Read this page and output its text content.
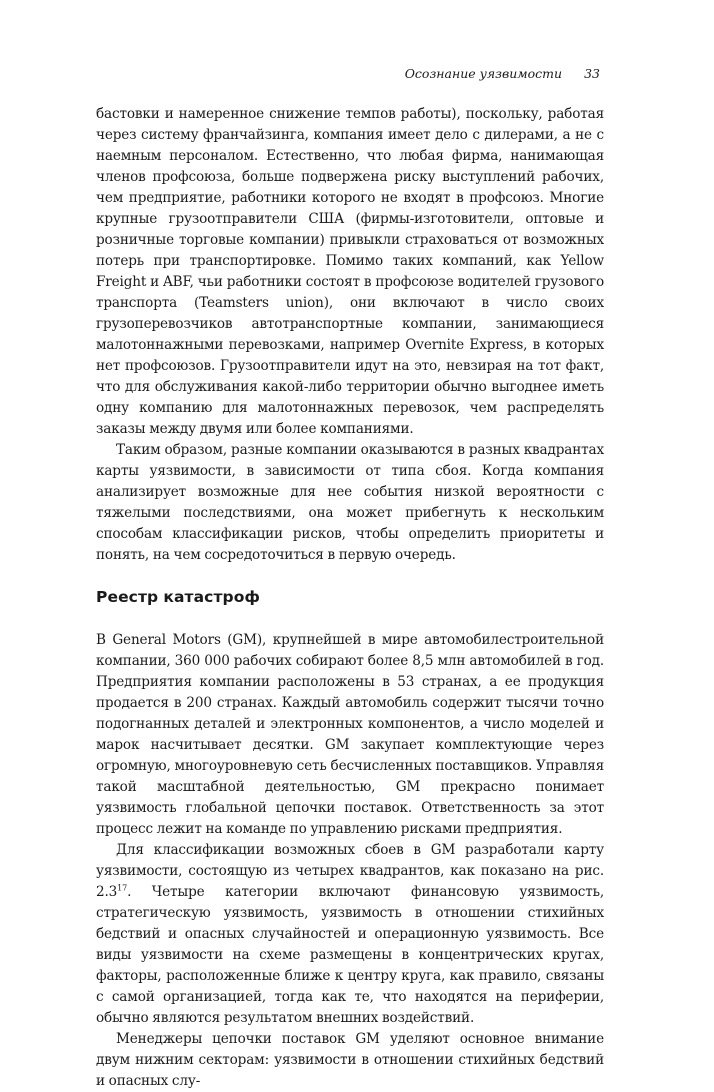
Осознание уязвимости 33

бастовки и намеренное снижение темпов работы), поскольку, работая через систему франчайзинга, компания имеет дело с дилерами, а не с наемным персоналом. Естественно, что любая фирма, нанимающая членов профсоюза, больше подвержена риску выступлений рабочих, чем предприятие, работники которого не входят в профсоюз. Многие крупные грузоотправители США (фирмы-изготовители, оптовые и розничные торговые компании) привыкли страховаться от возможных потерь при транспортировке. Помимо таких компаний, как Yellow Freight и ABF, чьи работники состоят в профсоюзе водителей грузового транспорта (Teamsters union), они включают в число своих грузоперевозчиков автотранспортные компании, занимающиеся малотоннажными перевозками, например Overnite Express, в которых нет профсоюзов. Грузоотправители идут на это, невзирая на тот факт, что для обслуживания какой-либо территории обычно выгоднее иметь одну компанию для малотоннажных перевозок, чем распределять заказы между двумя или более компаниями.

Таким образом, разные компании оказываются в разных квадрантах карты уязвимости, в зависимости от типа сбоя. Когда компания анализирует возможные для нее события низкой вероятности с тяжелыми последствиями, она может прибегнуть к нескольким способам классификации рисков, чтобы определить приоритеты и понять, на чем сосредоточиться в первую очередь.

Реестр катастроф

В General Motors (GM), крупнейшей в мире автомобилестроительной компании, 360 000 рабочих собирают более 8,5 млн автомобилей в год. Предприятия компании расположены в 53 странах, а ее продукция продается в 200 странах. Каждый автомобиль содержит тысячи точно подогнанных деталей и электронных компонентов, а число моделей и марок насчитывает десятки. GM закупает комплектующие через огромную, многоуровневую сеть бесчисленных поставщиков. Управляя такой масштабной деятельностью, GM прекрасно понимает уязвимость глобальной цепочки поставок. Ответственность за этот процесс лежит на команде по управлению рисками предприятия.

Для классификации возможных сбоев в GM разработали карту уязвимости, состоящую из четырех квадрантов, как показано на рис. $2.3^{17}$. Четыре категории включают финансовую уязвимость, стратегическую уязвимость, уязвимость в отношении стихийных бедствий и опасных случайностей и операционную уязвимость. Все виды уязвимости на схеме размещены в концентрических кругах, факторы, расположенные ближе к центру круга, как правило, связаны с самой организацией, тогда как те, что находятся на периферии, обычно являются результатом внешних воздействий.

Менеджеры цепочки поставок GM уделяют основное внимание двум нижним секторам: уязвимости в отношении стихийных бедствий и опасных слу-
